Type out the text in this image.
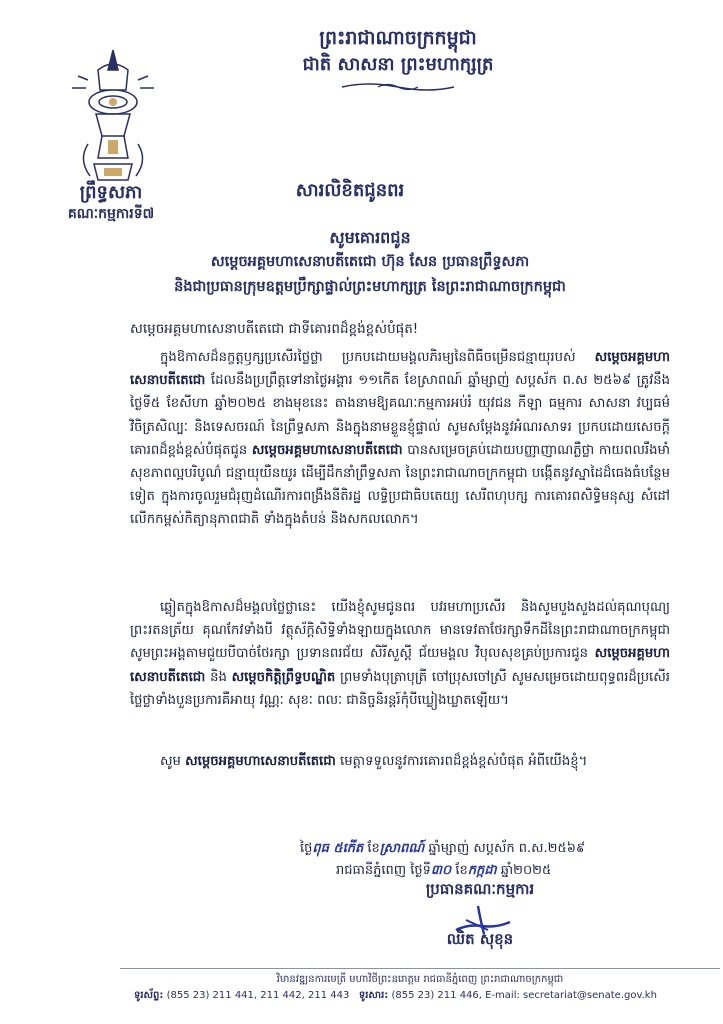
ព្រឹទ្ធសភា
គណៈកម្មការទី៧
ព្រះរាជាណាចក្រកម្ពុជា
ជាតិ សាសនា ព្រះមហាក្សត្រ
សារលិខិតជូនពរ
សូមគោរពជូន
សម្តេចអគ្គមហាសេនាបតីតេជោ ហ៊ុន សែន ប្រធានព្រឹទ្ធសភា
និងជាប្រធានក្រុមឧត្តមប្រឹក្សាផ្ទាល់ព្រះមហាក្សត្រ នៃព្រះរាជាណាចក្រកម្ពុជា
សម្តេចអគ្គមហាសេនាបតីតេជោ ជាទីគោរពដ៏ខ្ពង់ខ្ពស់បំផុត!
ក្នុងឱកាសដ៏នក្ខត្តឫក្សប្រសើរថ្លៃថ្លា ប្រកបដោយមង្គលភិរម្យនៃពិធីចម្រើនជន្មាយុរបស់ សម្តេចអគ្គមហាសេនាបតីតេជោ ដែលនឹងប្រព្រឹត្តទៅនាថ្ងៃអង្គារ ១១កើត ខែស្រាពណ៍ ឆ្នាំម្សាញ់ សប្តស័ក ព.ស ២៥៦៩ ត្រូវនឹងថ្ងៃទី៥ ខែសីហា ឆ្នាំ២០២៥ ខាងមុខនេះ តាងនាមឱ្យគណៈកម្មការអប់រំ យុវជន កីឡា ធម្មការ សាសនា វប្បធម៌ វិចិត្រសិល្បៈ និងទេសចរណ៍ នៃព្រឹទ្ធសភា និងក្នុងនាមខ្លួនខ្ញុំផ្ទាល់ សូមសម្តែងនូវអំណរសាទរ ប្រកបដោយសេចក្តីគោរពដ៏ខ្ពង់ខ្ពស់បំផុតជូន សម្តេចអគ្គមហាសេនាបតីតេជោ បានសម្រេចគ្រប់ដោយបញ្ញាញាណភ្លឺថ្លា កាយពលរឹងមាំ សុខភាពល្អបរិបូណ៌ ជន្មាយុយឺនយូរ ដើម្បីដឹកនាំព្រឹទ្ធសភា នៃព្រះរាជាណាចក្រកម្ពុជា បង្កើតនូវស្នាដៃដ៏ធេងធំបន្ថែមទៀត ក្នុងការចូលរួមជំរុញដំណើរការពង្រឹងនីតិរដ្ឋ លទ្ធិប្រជាធិបតេយ្យ សេរីពហុបក្ស ការគោរពសិទ្ធិមនុស្ស សំដៅលើកកម្ពស់កិត្យានុភាពជាតិ ទាំងក្នុងតំបន់ និងសកលលោក។
ឆ្លៀតក្នុងឱកាសដ៏មង្គលថ្លៃថ្លានេះ យើងខ្ញុំសូមជូនពរ បវរមហាប្រសើរ និងសូមបួងសួងដល់គុណបុណ្យព្រះរតនត្រ័យ គុណកែវទាំងបី វត្ថុស័ក្តិសិទ្ធិទាំងឡាយក្នុងលោក មានទេវតាថែរក្សាទឹកដីនៃព្រះរាជាណាចក្រកម្ពុជា សូមព្រះអង្គតាមជួយបីបាច់ថែរក្សា ប្រទានពរជ័យ សិរីសួស្តី ជ័យមង្គល វិបុលសុខគ្រប់ប្រការជូន សម្តេចអគ្គមហាសេនាបតីតេជោ និង សម្តេចកិត្តិព្រឹទ្ធបណ្ឌិត ព្រមទាំងបុត្រាបុត្រី ចៅប្រុសចៅស្រី សូមសម្រេចដោយពុទ្ធពរដ៏ប្រសើរថ្លៃថ្លាទាំងបួនប្រការគឺអាយុ វណ្ណៈ សុខៈ ពលៈ ជានិច្ចនិរន្តរ៍កុំបីឃ្លៀងឃ្លាតឡើយ។
សូម សម្តេចអគ្គមហាសេនាបតីតេជោ មេត្តាទទួលនូវការគោរពដ៏ខ្ពង់ខ្ពស់បំផុត អំពីយើងខ្ញុំ។
ថ្ងៃពុធ ៥កើត ខែស្រាពណ៍ ឆ្នាំម្សាញ់ សប្តស័ក ព.ស.២៥៦៩
រាជធានីភ្នំពេញ ថ្ងៃទី៣០ ខែកក្កដា ឆ្នាំ២០២៥
ប្រធានគណៈកម្មការ
ឈិត សុខុន
វិមានវឌ្ឍនការមេត្រី មហាវិថីព្រះនរោត្តម រាជធានីភ្នំពេញ ព្រះរាជាណាចក្រកម្ពុជា
ទូរស័ព្ទ: (855 23) 211 441, 211 442, 211 443 ទូរសារ: (855 23) 211 446, E-mail: secretariat@senate.gov.kh
